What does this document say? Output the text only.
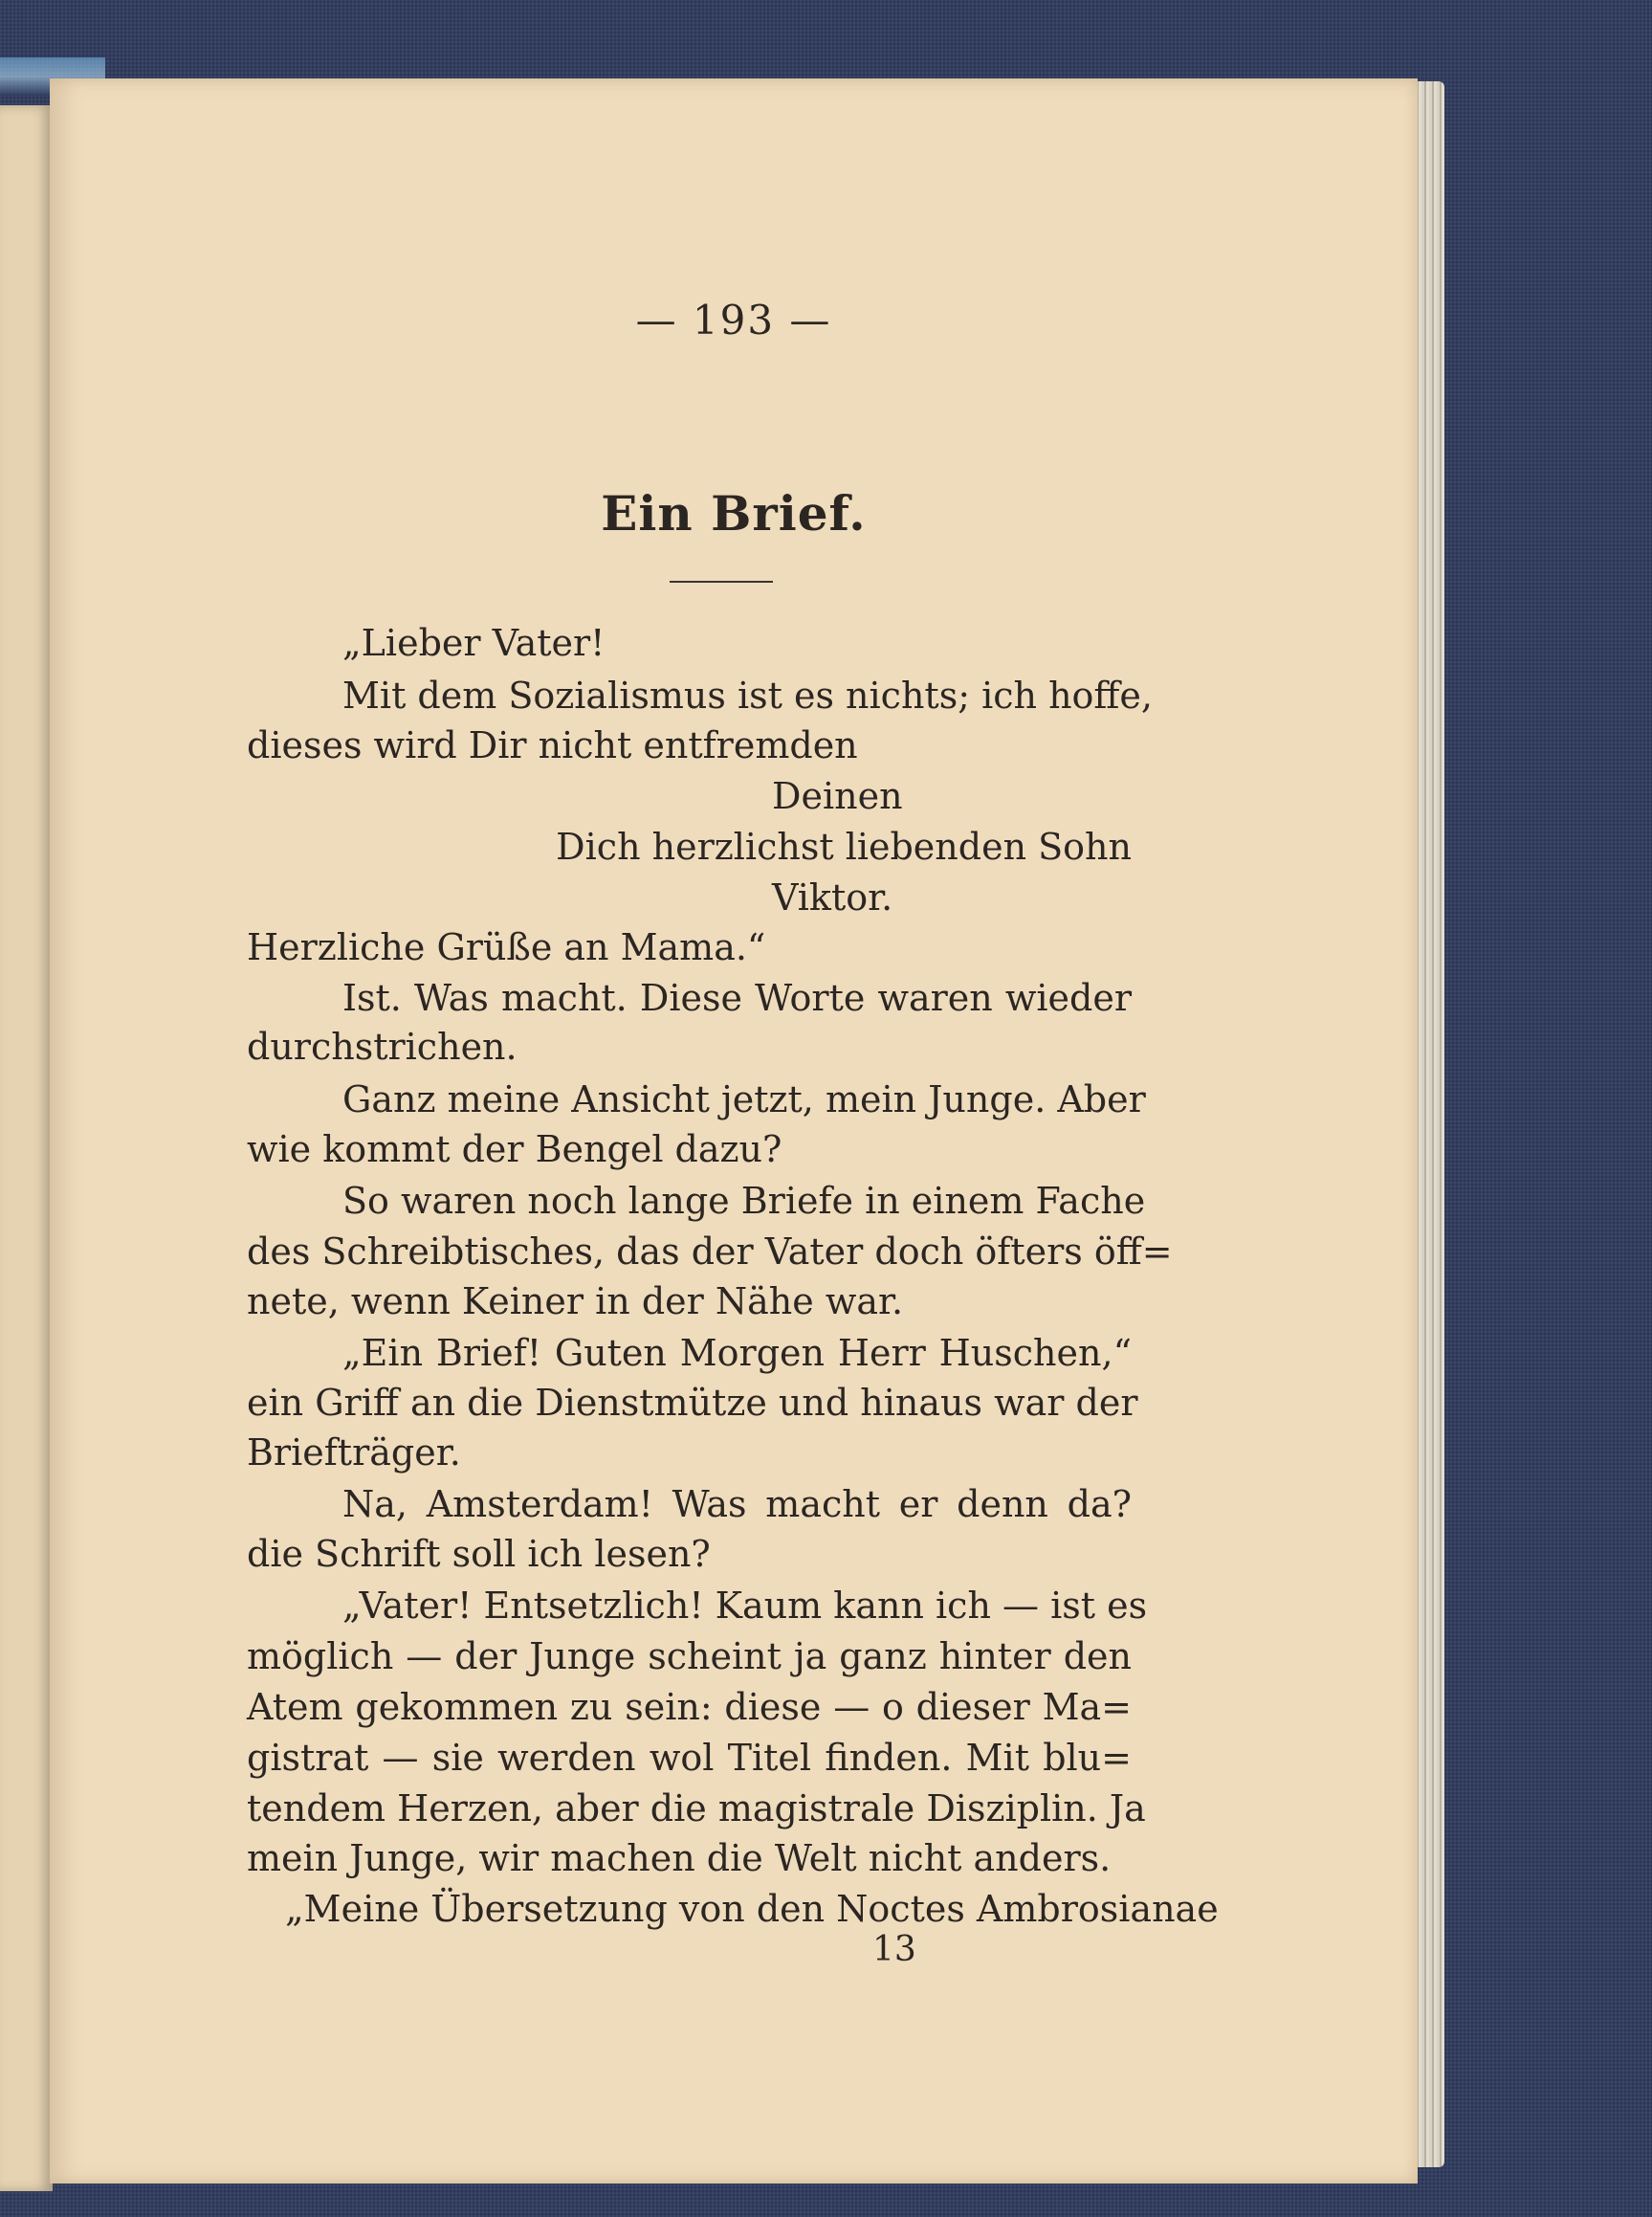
— 193 —
Ein Brief.
„Lieber Vater!
Mit dem Sozialismus ist es nichts; ich hoffe,
dieses wird Dir nicht entfremden
Deinen
Dich herzlichst liebenden Sohn
Viktor.
Herzliche Grüße an Mama.“
Ist. Was macht. Diese Worte waren wieder
durchstrichen.
Ganz meine Ansicht jetzt, mein Junge. Aber
wie kommt der Bengel dazu?
So waren noch lange Briefe in einem Fache
des Schreibtisches, das der Vater doch öfters öff=
nete, wenn Keiner in der Nähe war.
„Ein Brief! Guten Morgen Herr Huschen,“
ein Griff an die Dienstmütze und hinaus war der
Briefträger.
Na, Amsterdam! Was macht er denn da?
die Schrift soll ich lesen?
„Vater! Entsetzlich! Kaum kann ich — ist es
möglich — der Junge scheint ja ganz hinter den
Atem gekommen zu sein: diese — o dieser Ma=
gistrat — sie werden wol Titel finden. Mit blu=
tendem Herzen, aber die magistrale Disziplin. Ja
mein Junge, wir machen die Welt nicht anders.
„Meine Übersetzung von den Noctes Ambrosianae
13
